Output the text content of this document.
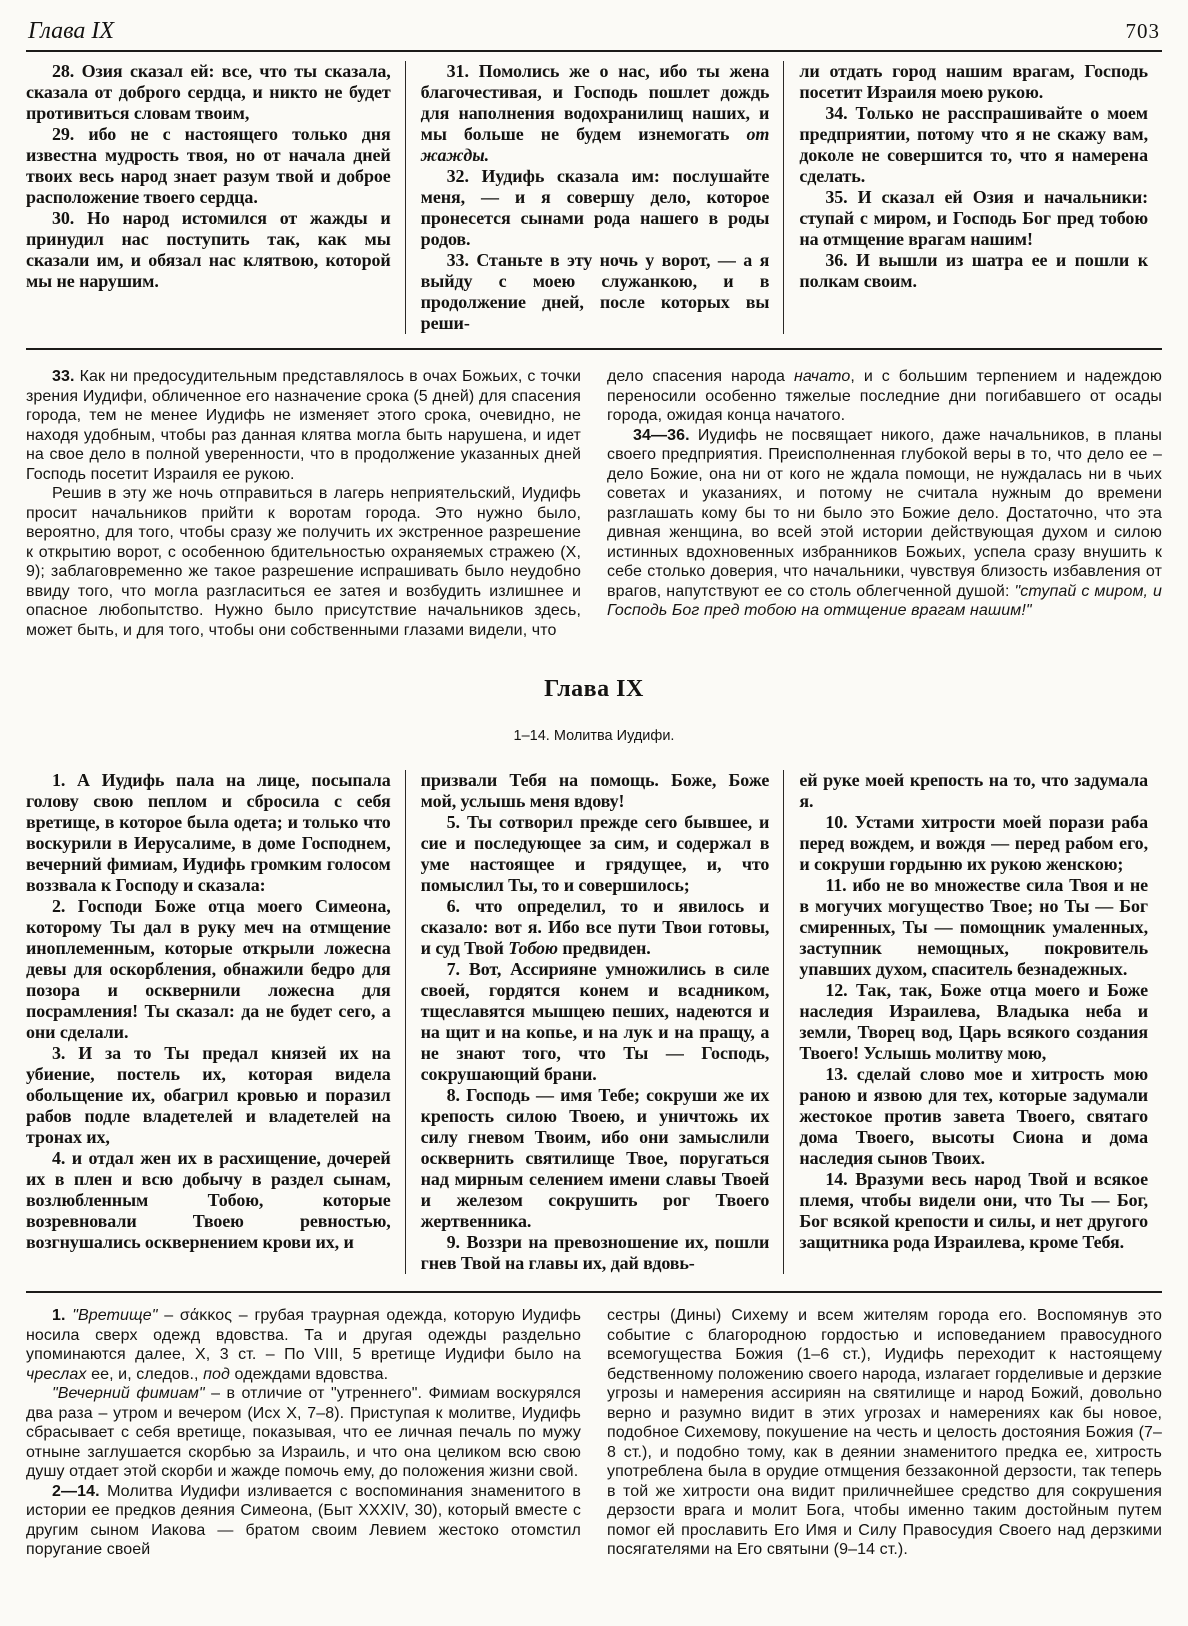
Глава IX	703

28. Озия сказал ей: все, что ты сказала, сказала от доброго сердца, и никто не будет противиться словам твоим,

29. ибо не с настоящего только дня известна мудрость твоя, но от начала дней твоих весь народ знает разум твой и доброе расположение твоего сердца.

30. Но народ истомился от жажды и принудил нас поступить так, как мы сказали им, и обязал нас клятвою, которой мы не нарушим.

31. Помолись же о нас, ибо ты жена благочестивая, и Господь пошлет дождь для наполнения водохранилищ наших, и мы больше не будем изнемогать от жажды.

32. Иудифь сказала им: послушайте меня, — и я совершу дело, которое пронесется сынами рода нашего в роды родов.

33. Станьте в эту ночь у ворот, — а я выйду с моею служанкою, и в продолжение дней, после которых вы реши-

ли отдать город нашим врагам, Господь посетит Израиля моею рукою.

34. Только не расспрашивайте о моем предприятии, потому что я не скажу вам, доколе не совершится то, что я намерена сделать.

35. И сказал ей Озия и начальники: ступай с миром, и Господь Бог пред тобою на отмщение врагам нашим!

36. И вышли из шатра ее и пошли к полкам своим.

33. Как ни предосудительным представлялось в очах Божьих, с точки зрения Иудифи, обличенное его назначение срока (5 дней) для спасения города, тем не менее Иудифь не изменяет этого срока, очевидно, не находя удобным, чтобы раз данная клятва могла быть нарушена, и идет на свое дело в полной уверенности, что в продолжение указанных дней Господь посетит Израиля ее рукою.

Решив в эту же ночь отправиться в лагерь неприятельский, Иудифь просит начальников прийти к воротам города. Это нужно было, вероятно, для того, чтобы сразу же получить их экстренное разрешение к открытию ворот, с особенною бдительностью охраняемых стражею (X, 9); заблаговременно же такое разрешение испрашивать было неудобно ввиду того, что могла разгласиться ее затея и возбудить излишнее и опасное любопытство. Нужно было присутствие начальников здесь, может быть, и для того, чтобы они собственными глазами видели, что

дело спасения народа начато, и с большим терпением и надеждою переносили особенно тяжелые последние дни погибавшего от осады города, ожидая конца начатого.

34—36. Иудифь не посвящает никого, даже начальников, в планы своего предприятия. Преисполненная глубокой веры в то, что дело ее – дело Божие, она ни от кого не ждала помощи, не нуждалась ни в чьих советах и указаниях, и потому не считала нужным до времени разглашать кому бы то ни было это Божие дело. Достаточно, что эта дивная женщина, во всей этой истории действующая духом и силою истинных вдохновенных избранников Божьих, успела сразу внушить к себе столько доверия, что начальники, чувствуя близость избавления от врагов, напутствуют ее со столь облегченной душой: "ступай с миром, и Господь Бог пред тобою на отмщение врагам нашим!"

Глава IX
1–14. Молитва Иудифи.

1. А Иудифь пала на лице, посыпала голову свою пеплом и сбросила с себя вретище, в которое была одета; и только что воскурили в Иерусалиме, в доме Господнем, вечерний фимиам, Иудифь громким голосом воззвала к Господу и сказала:

2. Господи Боже отца моего Симеона, которому Ты дал в руку меч на отмщение иноплеменным, которые открыли ложесна девы для оскорбления, обнажили бедро для позора и осквернили ложесна для посрамления! Ты сказал: да не будет сего, а они сделали.

3. И за то Ты предал князей их на убиение, постель их, которая видела обольщение их, обагрил кровью и поразил рабов подле владетелей и владетелей на тронах их,

4. и отдал жен их в расхищение, дочерей их в плен и всю добычу в раздел сынам, возлюбленным Тобою, которые возревновали Твоею ревностью, возгнушались осквернением крови их, и

призвали Тебя на помощь. Боже, Боже мой, услышь меня вдову!

5. Ты сотворил прежде сего бывшее, и сие и последующее за сим, и содержал в уме настоящее и грядущее, и, что помыслил Ты, то и совершилось;

6. что определил, то и явилось и сказало: вот я. Ибо все пути Твои готовы, и суд Твой Тобою предвиден.

7. Вот, Ассирияне умножились в силе своей, гордятся конем и всадником, тщеславятся мышцею пеших, надеются и на щит и на копье, и на лук и на пращу, а не знают того, что Ты — Господь, сокрушающий брани.

8. Господь — имя Тебе; сокруши же их крепость силою Твоею, и уничтожь их силу гневом Твоим, ибо они замыслили осквернить святилище Твое, поругаться над мирным селением имени славы Твоей и железом сокрушить рог Твоего жертвенника.

9. Воззри на превозношение их, пошли гнев Твой на главы их, дай вдовь-

ей руке моей крепость на то, что задумала я.

10. Устами хитрости моей порази раба перед вождем, и вождя — перед рабом его, и сокруши гордыню их рукою женскою;

11. ибо не во множестве сила Твоя и не в могучих могущество Твое; но Ты — Бог смиренных, Ты — помощник умаленных, заступник немощных, покровитель упавших духом, спаситель безнадежных.

12. Так, так, Боже отца моего и Боже наследия Израилева, Владыка неба и земли, Творец вод, Царь всякого создания Твоего! Услышь молитву мою,

13. сделай слово мое и хитрость мою раною и язвою для тех, которые задумали жестокое против завета Твоего, святаго дома Твоего, высоты Сиона и дома наследия сынов Твоих.

14. Вразуми весь народ Твой и всякое племя, чтобы видели они, что Ты — Бог, Бог всякой крепости и силы, и нет другого защитника рода Израилева, кроме Тебя.

1. "Вретище" – σάκκος – грубая траурная одежда, которую Иудифь носила сверх одежд вдовства. Та и другая одежды раздельно упоминаются далее, X, 3 ст. – По VIII, 5 вретище Иудифи было на чреслах ее, и, следов., под одеждами вдовства.

"Вечерний фимиам" – в отличие от "утреннего". Фимиам воскурялся два раза – утром и вечером (Исх X, 7–8). Приступая к молитве, Иудифь сбрасывает с себя вретище, показывая, что ее личная печаль по мужу отныне заглушается скорбью за Израиль, и что она целиком всю свою душу отдает этой скорби и жажде помочь ему, до положения жизни свой.

2—14. Молитва Иудифи изливается с воспоминания знаменитого в истории ее предков деяния Симеона, (Быт XXXIV, 30), который вместе с другим сыном Иакова — братом своим Левием жестоко отомстил поругание своей

сестры (Дины) Сихему и всем жителям города его. Воспомянув это событие с благородною гордостью и исповеданием правосудного всемогущества Божия (1–6 ст.), Иудифь переходит к настоящему бедственному положению своего народа, излагает горделивые и дерзкие угрозы и намерения ассириян на святилище и народ Божий, довольно верно и разумно видит в этих угрозах и намерениях как бы новое, подобное Сихемову, покушение на честь и целость достояния Божия (7–8 ст.), и подобно тому, как в деянии знаменитого предка ее, хитрость употреблена была в орудие отмщения беззаконной дерзости, так теперь в той же хитрости она видит приличнейшее средство для сокрушения дерзости врага и молит Бога, чтобы именно таким достойным путем помог ей прославить Его Имя и Силу Правосудия Своего над дерзкими посягателями на Его святыни (9–14 ст.).
